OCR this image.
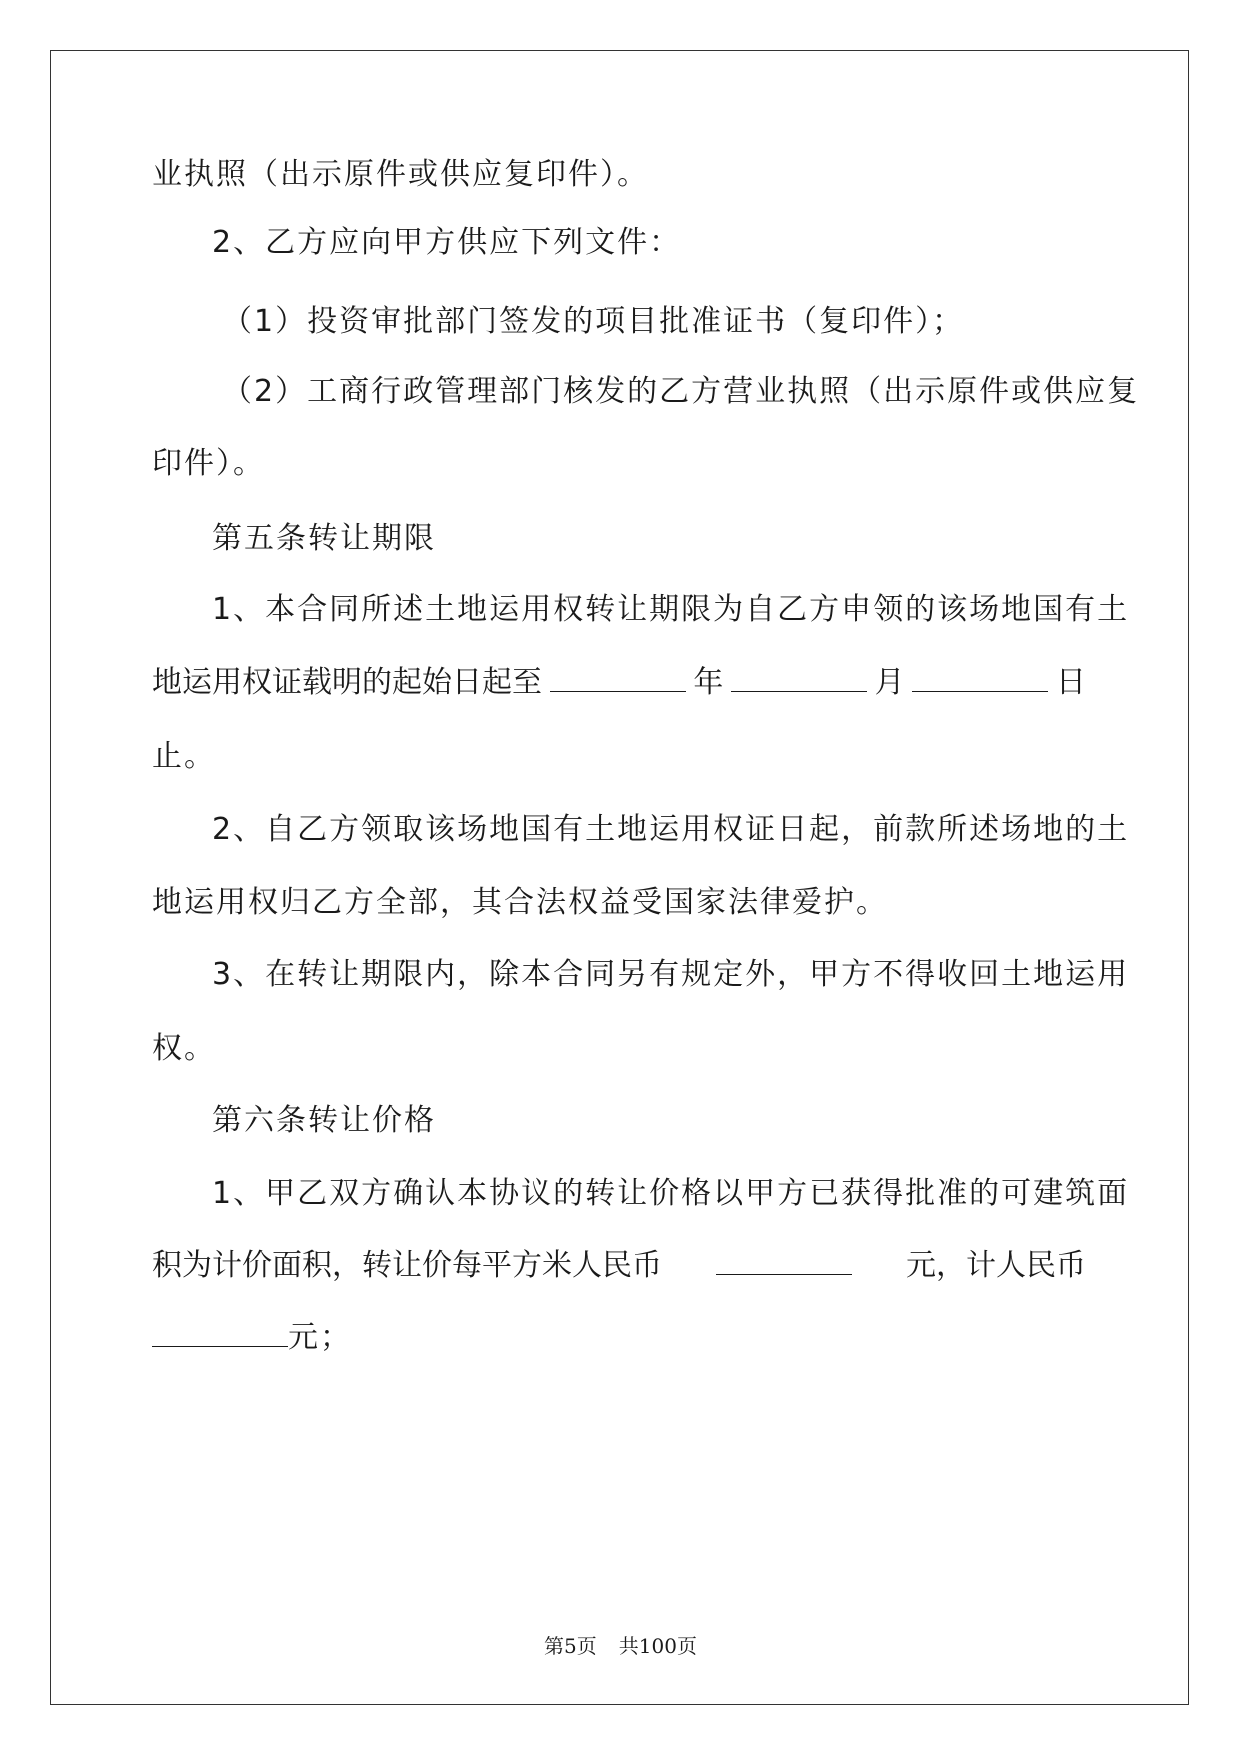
业执照（出示原件或供应复印件）。
2、乙方应向甲方供应下列文件：
（1）投资审批部门签发的项目批准证书（复印件）；
（2）工商行政管理部门核发的乙方营业执照（出示原件或供应复
印件）。
第五条转让期限
1、本合同所述土地运用权转让期限为自乙方申领的该场地国有土
地运用权证载明的起始日起至	年	月	日
止。
2、自乙方领取该场地国有土地运用权证日起，前款所述场地的土
地运用权归乙方全部，其合法权益受国家法律爱护。
3、在转让期限内，除本合同另有规定外，甲方不得收回土地运用
权。
第六条转让价格
1、甲乙双方确认本协议的转让价格以甲方已获得批准的可建筑面
积为计价面积，转让价每平方米人民币	元，计人民币
元；
第5页 共100页
